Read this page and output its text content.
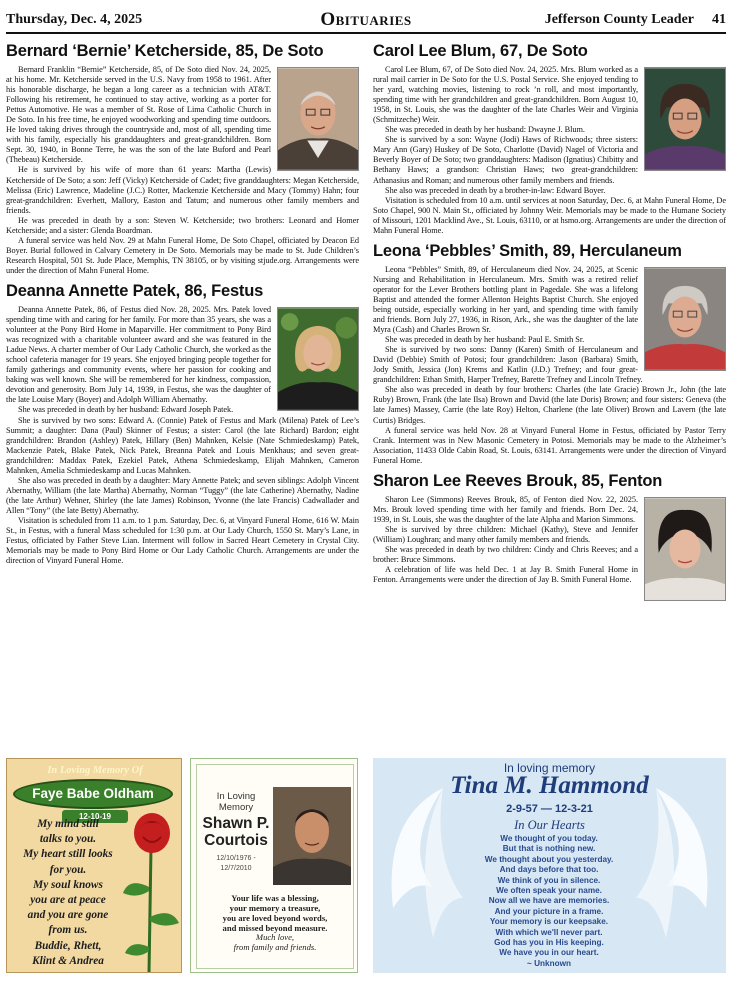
Thursday, Dec. 4, 2025	Obituaries	Jefferson County Leader 41
Bernard ‘Bernie’ Ketcherside, 85, De Soto

Bernard Franklin “Bernie” Ketcherside, 85, of De Soto died Nov. 24, 2025, at his home. Mr. Ketcherside served in the U.S. Navy from 1958 to 1961. After his honorable discharge, he began a long career as a technician with AT&T. Following his retirement, he continued to stay active, working as a porter for Pettus Automotive. He was a member of St. Rose of Lima Catholic Church in De Soto. In his free time, he enjoyed woodworking and spending time outdoors. He loved taking drives through the countryside and, most of all, spending time with his family, especially his granddaughters and great-grandchildren. Born Sept. 30, 1940, in Bonne Terre, he was the son of the late Buford and Pearl (Thebeau) Ketcherside.

He is survived by his wife of more than 61 years: Martha (Lewis) Ketcherside of De Soto; a son: Jeff (Vicky) Ketcherside of Cadet; five granddaughters: Megan Ketcherside, Melissa (Eric) Lawrence, Madeline (J.C.) Rotter, Mackenzie Ketcherside and Macy (Tommy) Hahn; four great-grandchildren: Everhett, Mallory, Easton and Tatum; and numerous other family members and friends.

He was preceded in death by a son: Steven W. Ketcherside; two brothers: Leonard and Homer Ketcherside; and a sister: Glenda Boardman.

A funeral service was held Nov. 29 at Mahn Funeral Home, De Soto Chapel, officiated by Deacon Ed Boyer. Burial followed in Calvary Cemetery in De Soto. Memorials may be made to St. Jude Children’s Research Hospital, 501 St. Jude Place, Memphis, TN 38105, or by visiting stjude.org. Arrangements were under the direction of Mahn Funeral Home.

Deanna Annette Patek, 86, Festus

Deanna Annette Patek, 86, of Festus died Nov. 28, 2025. Mrs. Patek loved spending time with and caring for her family. For more than 35 years, she was a volunteer at the Pony Bird Home in Maparville. Her commitment to Pony Bird was recognized with a charitable volunteer award and she was featured in the Ladue News. A charter member of Our Lady Catholic Church, she worked as the school cafeteria manager for 19 years. She enjoyed bringing people together for family gatherings and community events, where her passion for cooking and baking was well known. She will be remembered for her kindness, compassion, devotion and generosity. Born July 14, 1939, in Festus, she was the daughter of the late Louise Mary (Boyer) and Adolph William Abernathy.

She was preceded in death by her husband: Edward Joseph Patek.

She is survived by two sons: Edward A. (Connie) Patek of Festus and Mark (Milena) Patek of Lee’s Summit; a daughter: Dana (Paul) Skinner of Festus; a sister: Carol (the late Richard) Bardon; eight grandchildren: Brandon (Ashley) Patek, Hillary (Ben) Mahnken, Kelsie (Nate Schmiedeskamp) Patek, Mackenzie Patek, Blake Patek, Nick Patek, Breanna Patek and Louis Menkhaus; and seven great-grandchildren: Maddax Patek, Ezekiel Patek, Athena Schmiedeskamp, Elijah Mahnken, Cameron Mahnken, Amelia Schmiedeskamp and Lucas Mahnken.

She also was preceded in death by a daughter: Mary Annette Patek; and seven siblings: Adolph Vincent Abernathy, William (the late Martha) Abernathy, Norman “Tuggy” (the late Catherine) Abernathy, Nadine (the late Arthur) Wehner, Shirley (the late James) Robinson, Yvonne (the late Francis) Cadwallader and Allen “Tony” (the late Betty) Abernathy.

Visitation is scheduled from 11 a.m. to 1 p.m. Saturday, Dec. 6, at Vinyard Funeral Home, 616 W. Main St., in Festus, with a funeral Mass scheduled for 1:30 p.m. at Our Lady Church, 1550 St. Mary’s Lane, in Festus, officiated by Father Steve Lian. Interment will follow in Sacred Heart Cemetery in Crystal City. Memorials may be made to Pony Bird Home or Our Lady Catholic Church. Arrangements are under the direction of Vinyard Funeral Home.

Carol Lee Blum, 67, De Soto

Carol Lee Blum, 67, of De Soto died Nov. 24, 2025. Mrs. Blum worked as a rural mail carrier in De Soto for the U.S. Postal Service. She enjoyed tending to her yard, watching movies, listening to rock ’n roll, and most importantly, spending time with her grandchildren and great-grandchildren. Born August 10, 1958, in St. Louis, she was the daughter of the late Charles Weir and Virginia (Schmitzeche) Weir.

She was preceded in death by her husband: Dwayne J. Blum.

She is survived by a son: Wayne (Jodi) Haws of Richwoods; three sisters: Mary Ann (Gary) Huskey of De Soto, Charlotte (David) Nagel of Victoria and Beverly Boyer of De Soto; two granddaughters: Madison (Ignatius) Chibitty and Bethany Haws; a grandson: Christian Haws; two great-grandchildren: Athanasius and Roman; and numerous other family members and friends.

She also was preceded in death by a brother-in-law: Edward Boyer.

Visitation is scheduled from 10 a.m. until services at noon Saturday, Dec. 6, at Mahn Funeral Home, De Soto Chapel, 900 N. Main St., officiated by Johnny Weir. Memorials may be made to the Humane Society of Missouri, 1201 Macklind Ave., St. Louis, 63110, or at hsmo.org. Arrangements are under the direction of Mahn Funeral Home.

Leona ‘Pebbles’ Smith, 89, Herculaneum

Leona “Pebbles” Smith, 89, of Herculaneum died Nov. 24, 2025, at Scenic Nursing and Rehabilitation in Herculaneum. Mrs. Smith was a retired relief operator for the Lever Brothers bottling plant in Pagedale. She was a lifelong Baptist and attended the former Allenton Heights Baptist Church. She enjoyed being outside, especially working in her yard, and spending time with family and friends. Born July 27, 1936, in Rison, Ark., she was the daughter of the late Myra (Cash) and Charles Brown Sr.

She was preceded in death by her husband: Paul E. Smith Sr.

She is survived by two sons: Danny (Karen) Smith of Herculaneum and David (Debbie) Smith of Potosi; four grandchildren: Jason (Barbara) Smith, Jody Smith, Jessica (Jon) Krems and Katlin (J.D.) Trefney; and four great-grandchildren: Ethan Smith, Harper Trefney, Barette Trefney and Lincoln Trefney.

She also was preceded in death by four brothers: Charles (the late Gracie) Brown Jr., John (the late Ruby) Brown, Frank (the late Ilsa) Brown and David (the late Doris) Brown; and four sisters: Geneva (the late James) Massey, Carrie (the late Roy) Helton, Charlene (the late Oliver) Brown and Lavern (the late Curtis) Bridges.

A funeral service was held Nov. 28 at Vinyard Funeral Home in Festus, officiated by Pastor Terry Crank. Interment was in New Masonic Cemetery in Potosi. Memorials may be made to the Alzheimer’s Association, 11433 Olde Cabin Road, St. Louis, 63141. Arrangements were under the direction of Vinyard Funeral Home.

Sharon Lee Reeves Brouk, 85, Fenton

Sharon Lee (Simmons) Reeves Brouk, 85, of Fenton died Nov. 22, 2025. Mrs. Brouk loved spending time with her family and friends. Born Dec. 24, 1939, in St. Louis, she was the daughter of the late Alpha and Marion Simmons.

She is survived by three children: Michael (Kathy), Steve and Jennifer (William) Loughran; and many other family members and friends.

She was preceded in death by two children: Cindy and Chris Reeves; and a brother: Bruce Simmons.

A celebration of life was held Dec. 1 at Jay B. Smith Funeral Home in Fenton. Arrangements were under the direction of Jay B. Smith Funeral Home.

In Loving Memory Of
Faye Babe Oldham
12-10-19
My mind still
talks to you.
My heart still looks
for you.
My soul knows
you are at peace
and you are gone
from us.
Buddie, Rhett,
Klint & Andrea
In Loving
Memory
Shawn P.
Courtois
12/10/1976 -
12/7/2010
Your life was a blessing,
your memory a treasure,
you are loved beyond words,
and missed beyond measure.
Much love,
from family and friends.
In loving memory
Tina M. Hammond
2-9-57 — 12-3-21
In Our Hearts
We thought of you today.
But that is nothing new.
We thought about you yesterday.
And days before that too.
We think of you in silence.
We often speak your name.
Now all we have are memories.
And your picture in a frame.
Your memory is our keepsake.
With which we'll never part.
God has you in His keeping.
We have you in our heart.
~ Unknown
